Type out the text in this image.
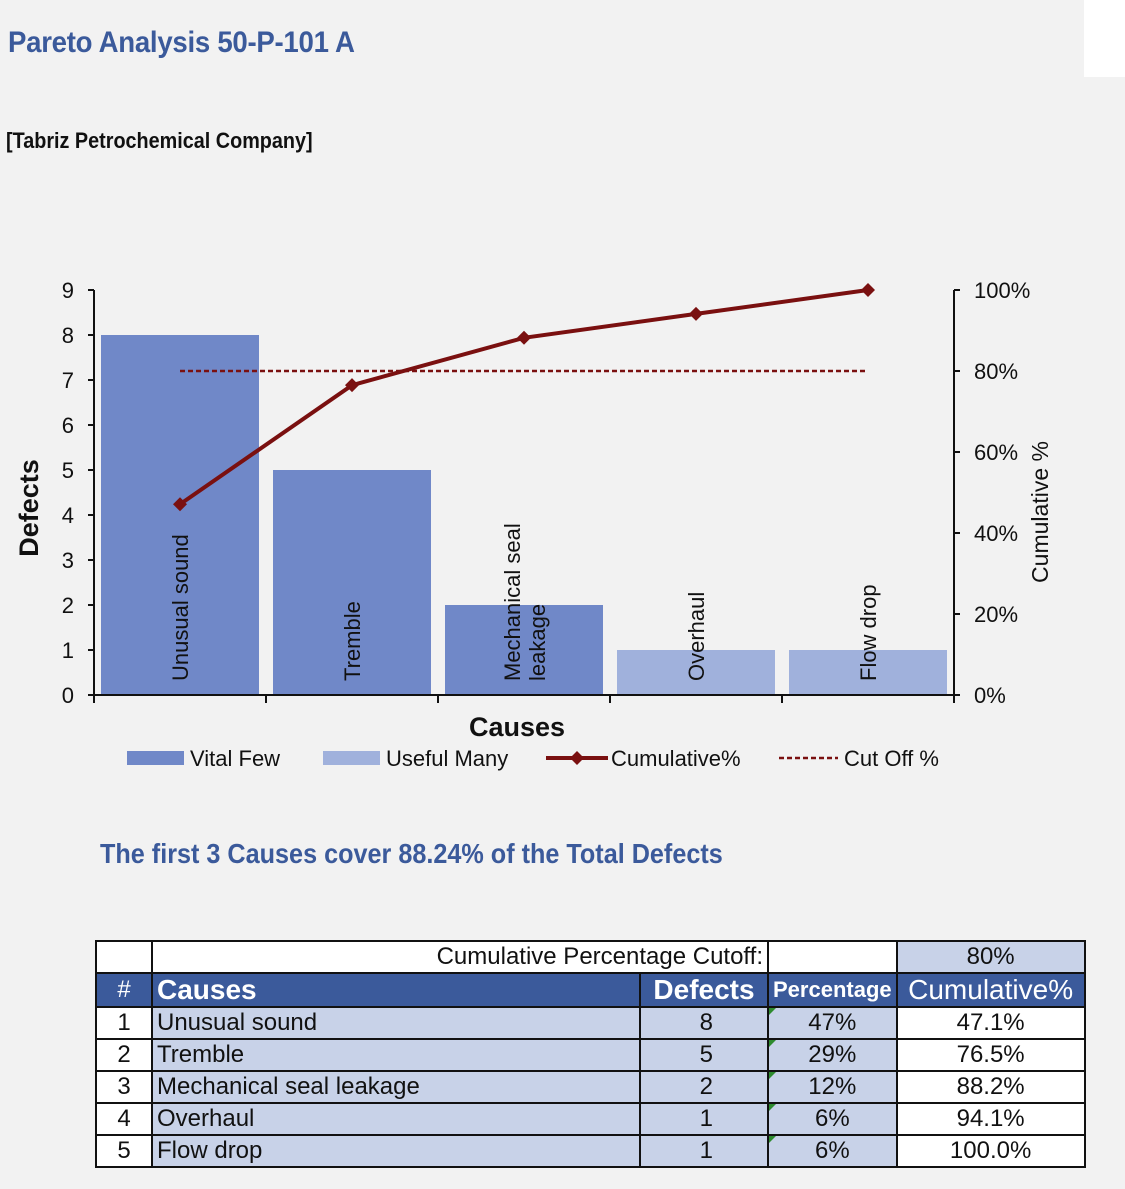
Pareto Analysis 50-P-101 A
[Tabriz Petrochemical Company]
Unusual sound	Tremble	Mechanical seal leakage	Overhaul	Flow drop
0
1
2
3
4
5
6
7
8
9
0%
20%
40%
60%
80%
100%
Defects	Cumulative %
Causes
Vital Few	Useful Many	Cumulative%	Cut Off %
The first 3 Causes cover 88.24% of the Total Defects
	Cumulative Percentage Cutoff:			80%
#	Causes	Defects	Percentage	Cumulative%
1	Unusual sound	8	47%	47.1%
2	Tremble	5	29%	76.5%
3	Mechanical seal leakage	2	12%	88.2%
4	Overhaul	1	6%	94.1%
5	Flow drop	1	6%	100.0%
